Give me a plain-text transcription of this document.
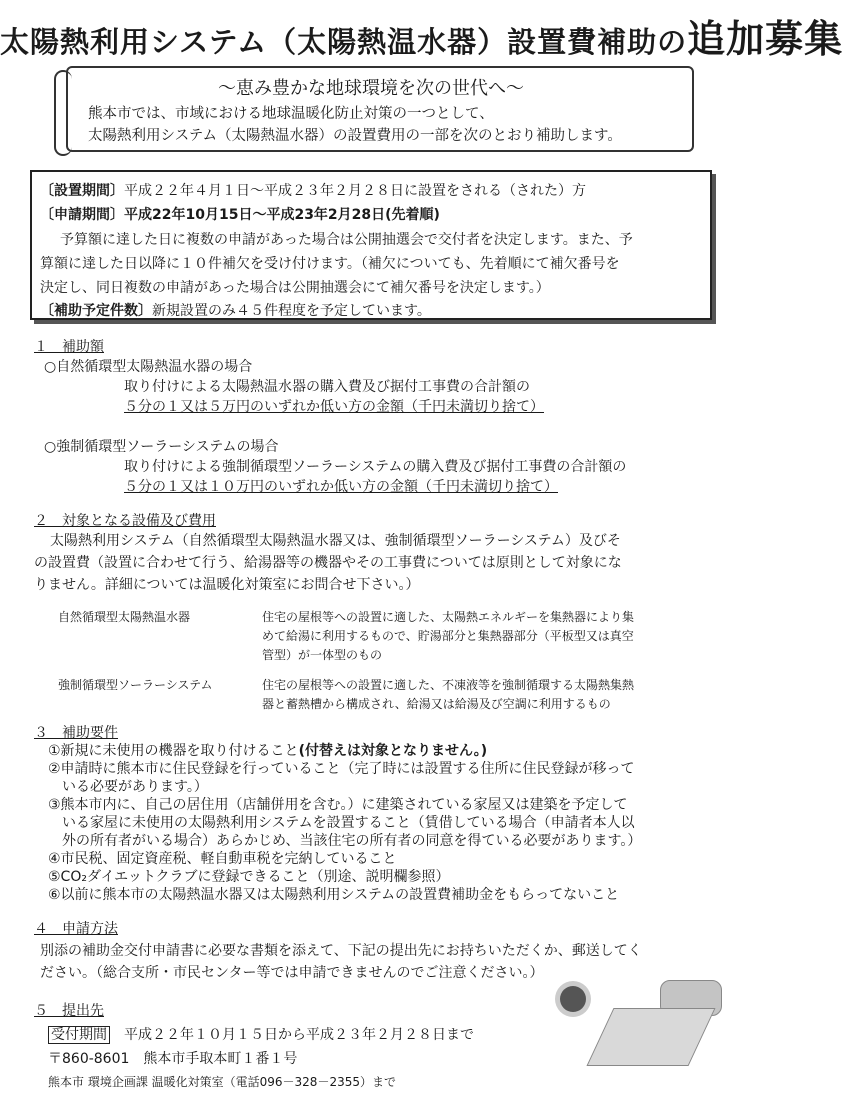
太陽熱利用システム（太陽熱温水器）設置費補助の追加募集
～恵み豊かな地球環境を次の世代へ～
熊本市では、市域における地球温暖化防止対策の一つとして、
太陽熱利用システム（太陽熱温水器）の設置費用の一部を次のとおり補助します。
〔設置期間〕平成２２年４月１日～平成２３年２月２８日に設置をされる（された）方
〔申請期間〕平成22年10月15日～平成23年2月28日(先着順)
予算額に達した日に複数の申請があった場合は公開抽選会で交付者を決定します。また、予
算額に達した日以降に１０件補欠を受け付けます。（補欠についても、先着順にて補欠番号を
決定し、同日複数の申請があった場合は公開抽選会にて補欠番号を決定します。）
〔補助予定件数〕新規設置のみ４５件程度を予定しています。
１　補助額
○自然循環型太陽熱温水器の場合
取り付けによる太陽熱温水器の購入費及び据付工事費の合計額の
５分の１又は５万円のいずれか低い方の金額（千円未満切り捨て）
○強制循環型ソーラーシステムの場合
取り付けによる強制循環型ソーラーシステムの購入費及び据付工事費の合計額の
５分の１又は１０万円のいずれか低い方の金額（千円未満切り捨て）
２　対象となる設備及び費用
太陽熱利用システム（自然循環型太陽熱温水器又は、強制循環型ソーラーシステム）及びそ
の設置費（設置に合わせて行う、給湯器等の機器やその工事費については原則として対象にな
りません。詳細については温暖化対策室にお問合せ下さい。）
自然循環型太陽熱温水器	住宅の屋根等への設置に適した、太陽熱エネルギーを集熱器により集
めて給湯に利用するもので、貯湯部分と集熱器部分（平板型又は真空
管型）が一体型のもの
強制循環型ソーラーシステム	住宅の屋根等への設置に適した、不凍液等を強制循環する太陽熱集熱
器と蓄熱槽から構成され、給湯又は給湯及び空調に利用するもの
３　補助要件
①新規に未使用の機器を取り付けること(付替えは対象となりません。)
②申請時に熊本市に住民登録を行っていること（完了時には設置する住所に住民登録が移って
いる必要があります。）
③熊本市内に、自己の居住用（店舗併用を含む。）に建築されている家屋又は建築を予定して
いる家屋に未使用の太陽熱利用システムを設置すること（賃借している場合（申請者本人以
外の所有者がいる場合）あらかじめ、当該住宅の所有者の同意を得ている必要があります。）
④市民税、固定資産税、軽自動車税を完納していること
⑤CO₂ダイエットクラブに登録できること（別途、説明欄参照）
⑥以前に熊本市の太陽熱温水器又は太陽熱利用システムの設置費補助金をもらってないこと
４　申請方法
別添の補助金交付申請書に必要な書類を添えて、下記の提出先にお持ちいただくか、郵送してく
ださい。（総合支所・市民センター等では申請できませんのでご注意ください。）
５　提出先
受付期間　 平成２２年１０月１５日から平成２３年２月２８日まで
〒860-8601　熊本市手取本町１番１号
熊本市 環境企画課 温暖化対策室（電話096－328－2355）まで
